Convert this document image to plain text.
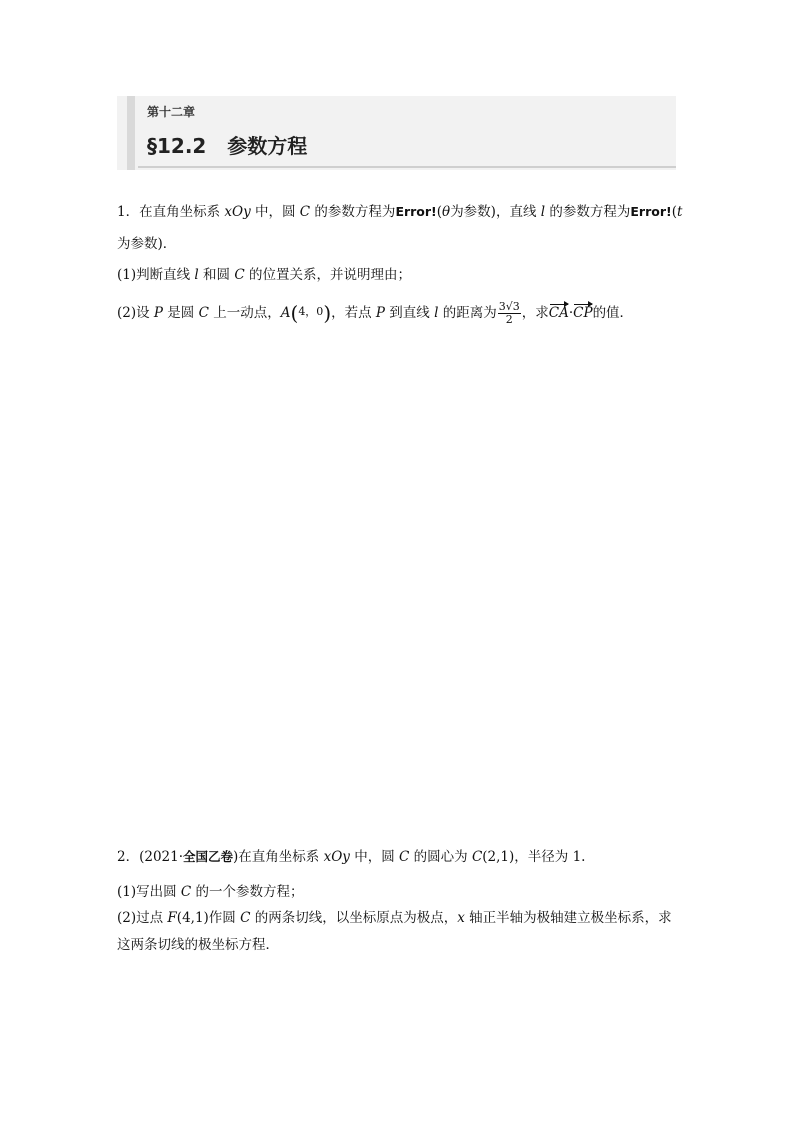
第十二章
§12.2 参数方程
1．在直角坐标系 xOy 中，圆 C 的参数方程为Error!(θ为参数)，直线 l 的参数方程为Error!(t
为参数)．
(1)判断直线 l 和圆 C 的位置关系，并说明理由；
(2)设 P 是圆 C 上一动点，A(4，0)，若点 P 到直线 l 的距离为 $\frac{3√3}{2}$ ，求CA·CP的值．
2．(2021·全国乙卷)在直角坐标系 xOy 中，圆 C 的圆心为 C(2,1)，半径为 1.
(1)写出圆 C 的一个参数方程；
(2)过点 F(4,1)作圆 C 的两条切线，以坐标原点为极点，x 轴正半轴为极轴建立极坐标系，求
这两条切线的极坐标方程．
